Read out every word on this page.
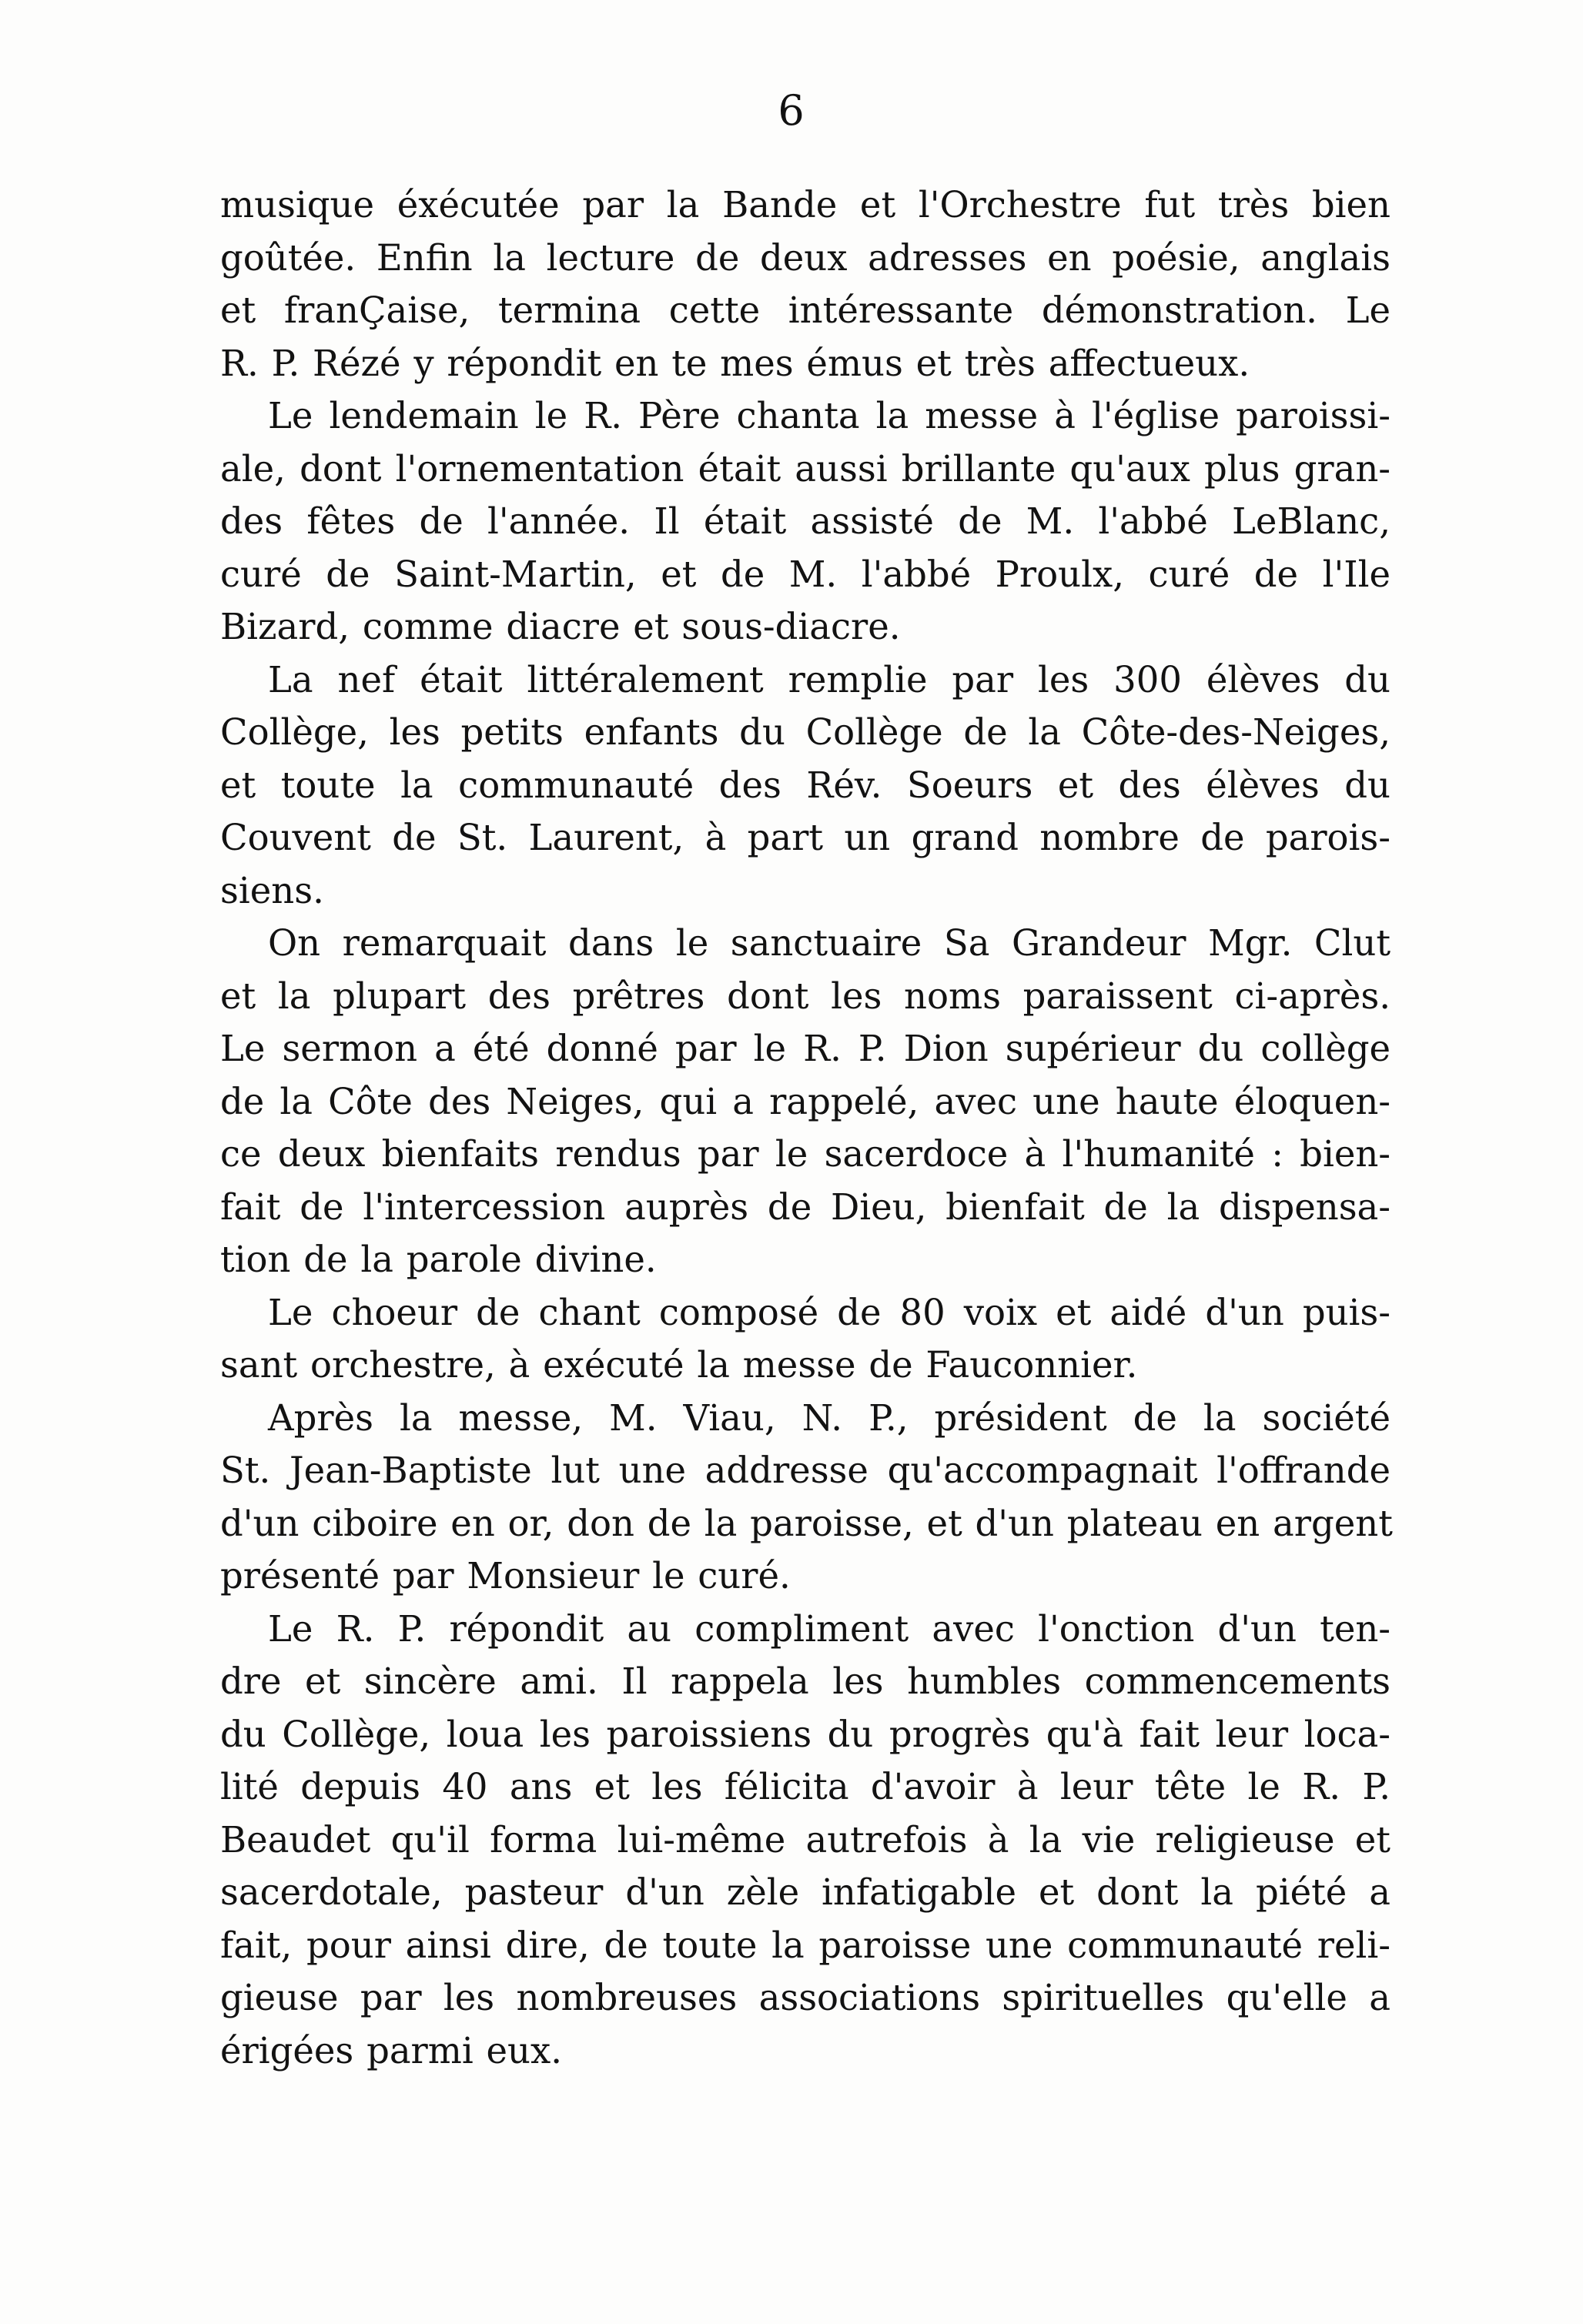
6
musique éxécutée par la Bande et l'Orchestre fut très bien
goûtée. Enfin la lecture de deux adresses en poésie, anglais
et franÇaise, termina cette intéressante démonstration. Le
R. P. Rézé y répondit en te mes émus et très affectueux.
Le lendemain le R. Père chanta la messe à l'église paroissi-
ale, dont l'ornementation était aussi brillante qu'aux plus gran-
des fêtes de l'année. Il était assisté de M. l'abbé LeBlanc,
curé de Saint-Martin, et de M. l'abbé Proulx, curé de l'Ile
Bizard, comme diacre et sous-diacre.
La nef était littéralement remplie par les 300 élèves du
Collège, les petits enfants du Collège de la Côte-des-Neiges,
et toute la communauté des Rév. Soeurs et des élèves du
Couvent de St. Laurent, à part un grand nombre de parois-
siens.
On remarquait dans le sanctuaire Sa Grandeur Mgr. Clut
et la plupart des prêtres dont les noms paraissent ci-après.
Le sermon a été donné par le R. P. Dion supérieur du collège
de la Côte des Neiges, qui a rappelé, avec une haute éloquen-
ce deux bienfaits rendus par le sacerdoce à l'humanité : bien-
fait de l'intercession auprès de Dieu, bienfait de la dispensa-
tion de la parole divine.
Le choeur de chant composé de 80 voix et aidé d'un puis-
sant orchestre, à exécuté la messe de Fauconnier.
Après la messe, M. Viau, N. P., président de la société
St. Jean-Baptiste lut une addresse qu'accompagnait l'offrande
d'un ciboire en or, don de la paroisse, et d'un plateau en argent
présenté par Monsieur le curé.
Le R. P. répondit au compliment avec l'onction d'un ten-
dre et sincère ami. Il rappela les humbles commencements
du Collège, loua les paroissiens du progrès qu'à fait leur loca-
lité depuis 40 ans et les félicita d'avoir à leur tête le R. P.
Beaudet qu'il forma lui-même autrefois à la vie religieuse et
sacerdotale, pasteur d'un zèle infatigable et dont la piété a
fait, pour ainsi dire, de toute la paroisse une communauté reli-
gieuse par les nombreuses associations spirituelles qu'elle a
érigées parmi eux.
